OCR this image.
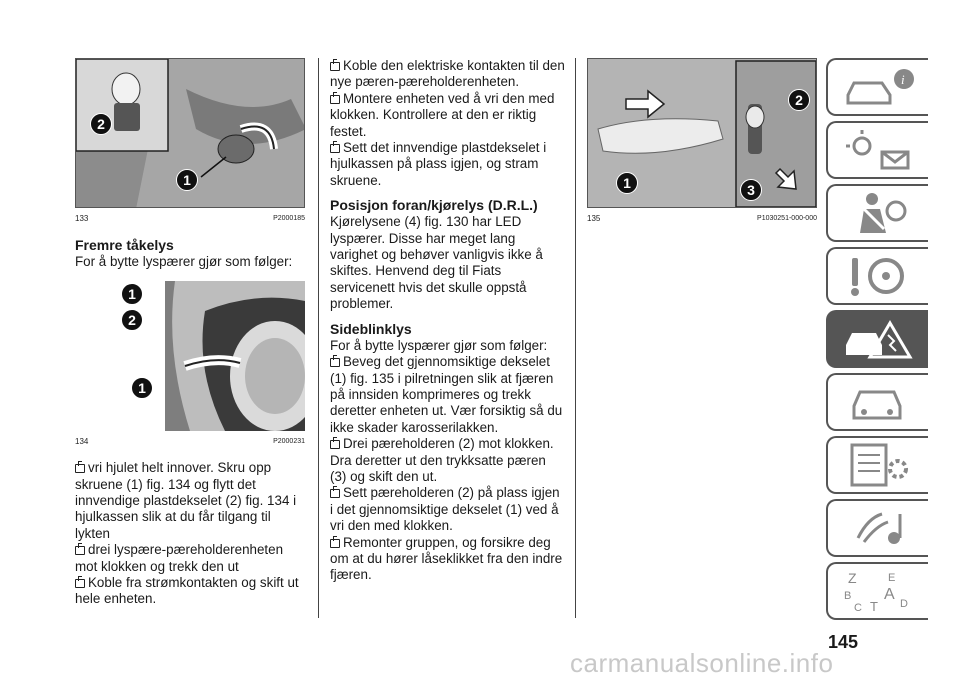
2
1
133	P2000185
Fremre tåkelys

For å bytte lyspærer gjør som følger:

1
2
1
134	P2000231
vri hjulet helt innover. Skru opp skruene (1) fig. 134 og flytt det innvendige plastdekselet (2) fig. 134 i hjulkassen slik at du får tilgang til lykten
drei lyspære-pæreholderenheten mot klokken og trekk den ut
Koble fra strømkontakten og skift ut hele enheten.
Koble den elektriske kontakten til den nye pæren-pæreholderenheten.
Montere enheten ved å vri den med klokken. Kontrollere at den er riktig festet.
Sett det innvendige plastdekselet i hjulkassen på plass igjen, og stram skruene.
Posisjon foran/kjørelys (D.R.L.)

Kjørelysene (4) fig. 130 har LED lyspærer. Disse har meget lang varighet og behøver vanligvis ikke å skiftes. Henvend deg til Fiats servicenett hvis det skulle oppstå problemer.

Sideblinklys

For å bytte lyspærer gjør som følger:

Beveg det gjennomsiktige dekselet (1) fig. 135 i pilretningen slik at fjæren på innsiden komprimeres og trekk deretter enheten ut. Vær forsiktig så du ikke skader karosserilakken.
Drei pæreholderen (2) mot klokken. Dra deretter ut den trykksatte pæren (3) og skift den ut.
Sett pæreholderen (2) på plass igjen i det gjennomsiktige dekselet (1) ved å vri den med klokken.
Remonter gruppen, og forsikre deg om at du hører låseklikket fra den indre fjæren.
2
1	3
135	P1030251-000-000
i
Z	E
B A
C T D
145
carmanualsonline.info
